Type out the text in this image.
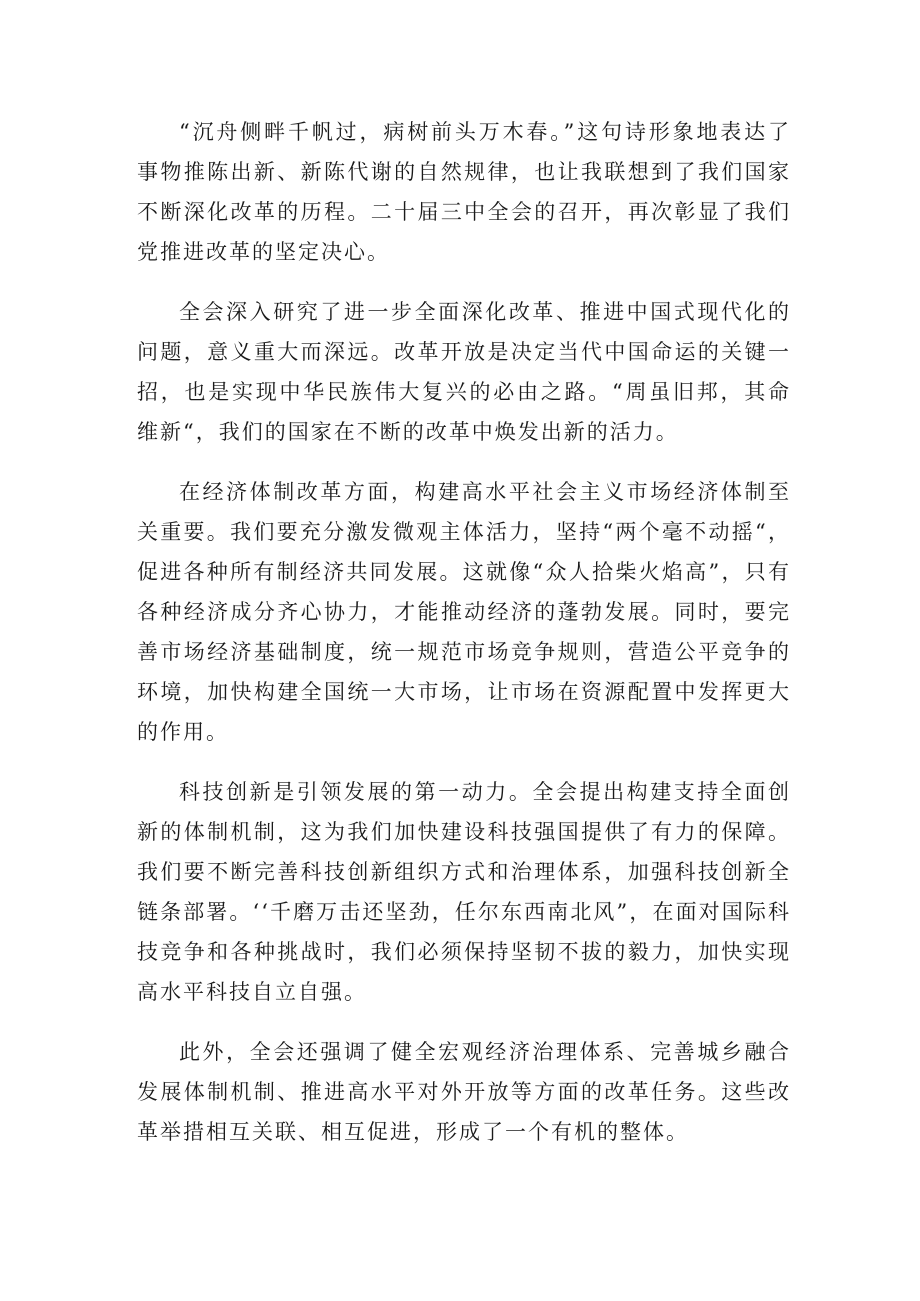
“沉舟侧畔千帆过，病树前头万木春。”这句诗形象地表达了事物推陈出新、新陈代谢的自然规律，也让我联想到了我们国家不断深化改革的历程。二十届三中全会的召开，再次彰显了我们党推进改革的坚定决心。

全会深入研究了进一步全面深化改革、推进中国式现代化的问题，意义重大而深远。改革开放是决定当代中国命运的关键一招，也是实现中华民族伟大复兴的必由之路。“周虽旧邦，其命维新“，我们的国家在不断的改革中焕发出新的活力。

在经济体制改革方面，构建高水平社会主义市场经济体制至关重要。我们要充分激发微观主体活力，坚持“两个毫不动摇“，促进各种所有制经济共同发展。这就像“众人拾柴火焰高”，只有各种经济成分齐心协力，才能推动经济的蓬勃发展。同时，要完善市场经济基础制度，统一规范市场竞争规则，营造公平竞争的环境，加快构建全国统一大市场，让市场在资源配置中发挥更大的作用。

科技创新是引领发展的第一动力。全会提出构建支持全面创新的体制机制，这为我们加快建设科技强国提供了有力的保障。我们要不断完善科技创新组织方式和治理体系，加强科技创新全链条部署。‘‘千磨万击还坚劲，任尔东西南北风”，在面对国际科技竞争和各种挑战时，我们必须保持坚韧不拔的毅力，加快实现高水平科技自立自强。

此外，全会还强调了健全宏观经济治理体系、完善城乡融合发展体制机制、推进高水平对外开放等方面的改革任务。这些改革举措相互关联、相互促进，形成了一个有机的整体。
